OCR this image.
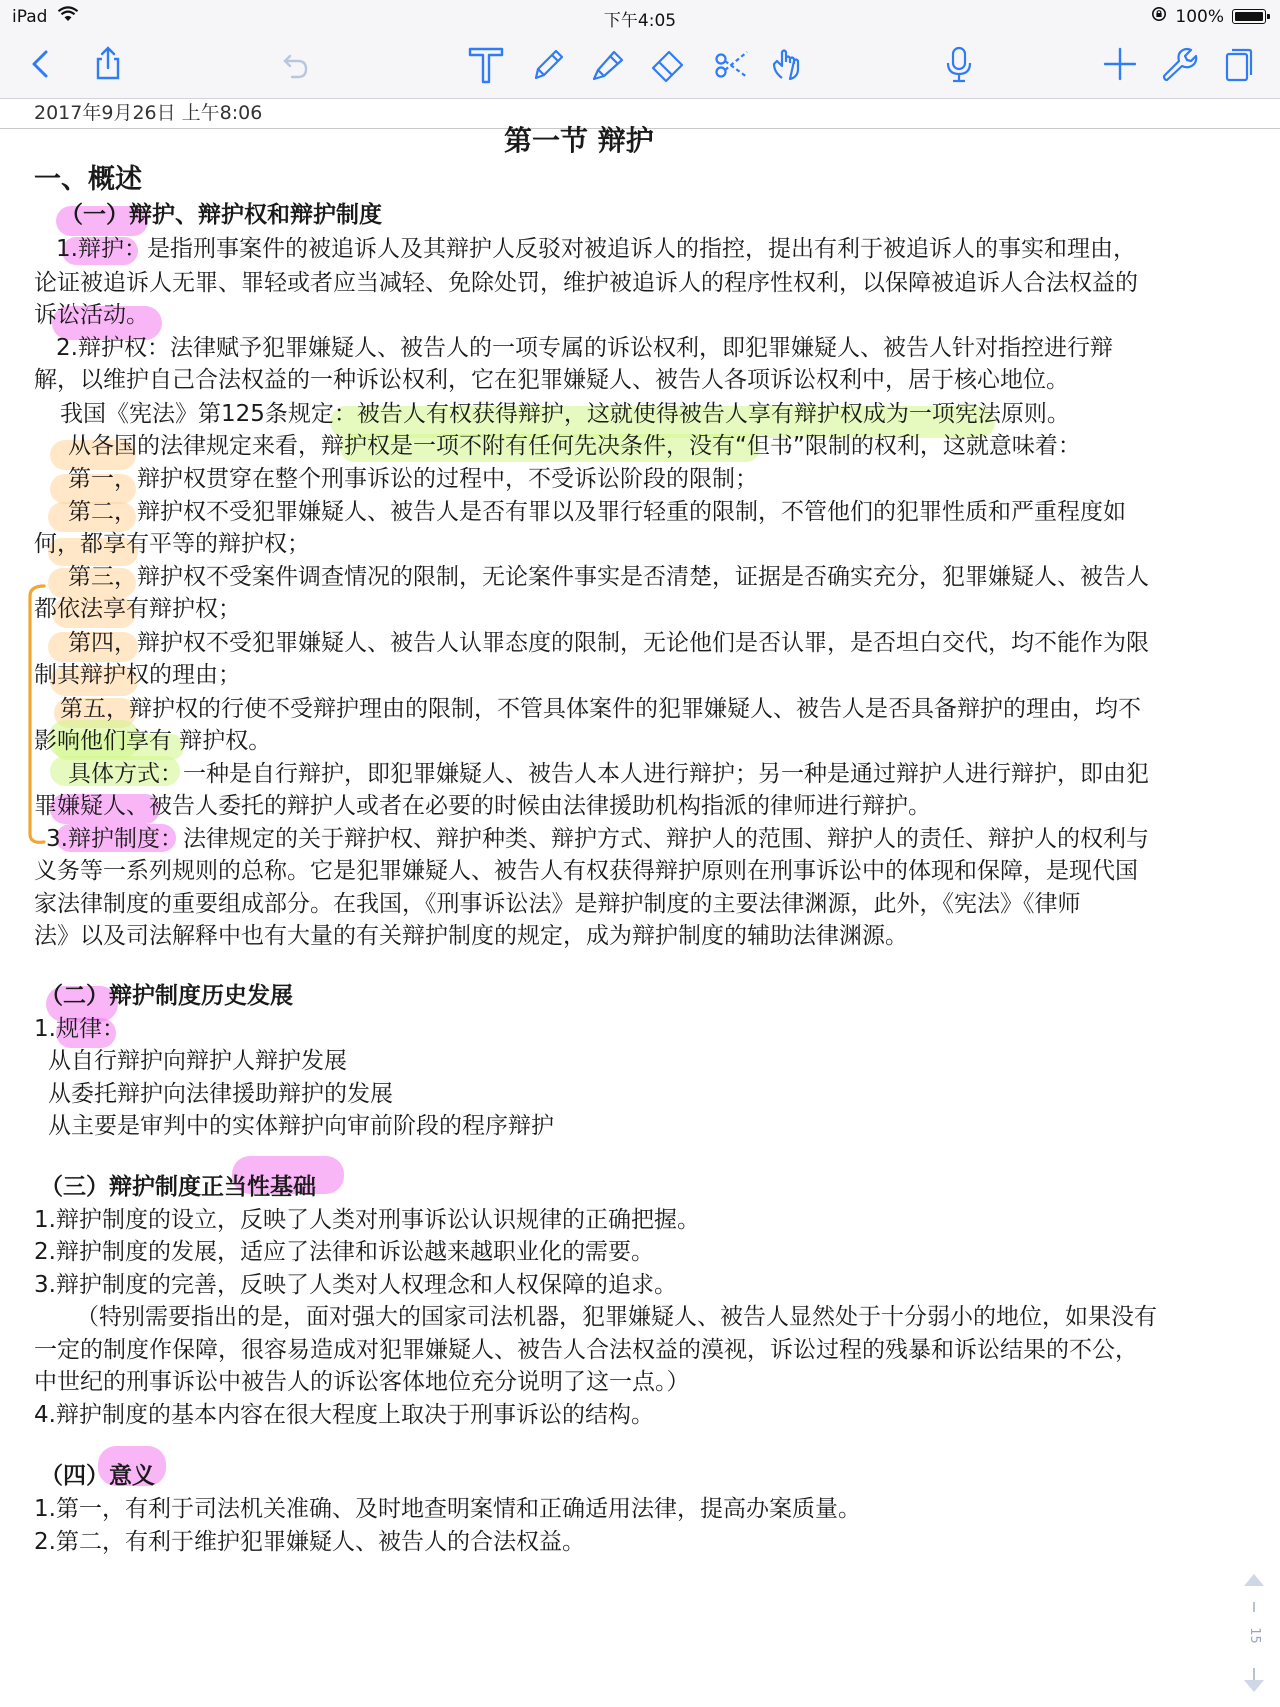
iPad	下午4:05	100%
2017年9月26日 上午8:06
第一节 辩护
一、概述
（一）辩护、辩护权和辩护制度
1.辩护：是指刑事案件的被追诉人及其辩护人反驳对被追诉人的指控，提出有利于被追诉人的事实和理由，
论证被追诉人无罪、罪轻或者应当减轻、免除处罚，维护被追诉人的程序性权利，以保障被追诉人合法权益的
诉讼活动。
2.辩护权：法律赋予犯罪嫌疑人、被告人的一项专属的诉讼权利，即犯罪嫌疑人、被告人针对指控进行辩
解，以维护自己合法权益的一种诉讼权利，它在犯罪嫌疑人、被告人各项诉讼权利中，居于核心地位。
我国《宪法》第125条规定：被告人有权获得辩护，这就使得被告人享有辩护权成为一项宪法原则。
从各国的法律规定来看，辩护权是一项不附有任何先决条件，没有“但书”限制的权利，这就意味着：
第一，辩护权贯穿在整个刑事诉讼的过程中，不受诉讼阶段的限制；
第二，辩护权不受犯罪嫌疑人、被告人是否有罪以及罪行轻重的限制，不管他们的犯罪性质和严重程度如
何，都享有平等的辩护权；
第三，辩护权不受案件调查情况的限制，无论案件事实是否清楚，证据是否确实充分，犯罪嫌疑人、被告人
都依法享有辩护权；
第四，辩护权不受犯罪嫌疑人、被告人认罪态度的限制，无论他们是否认罪，是否坦白交代，均不能作为限
制其辩护权的理由；
第五，辩护权的行使不受辩护理由的限制，不管具体案件的犯罪嫌疑人、被告人是否具备辩护的理由，均不
影响他们享有 辩护权。
具体方式：一种是自行辩护，即犯罪嫌疑人、被告人本人进行辩护；另一种是通过辩护人进行辩护，即由犯
罪嫌疑人、被告人委托的辩护人或者在必要的时候由法律援助机构指派的律师进行辩护。
3.辩护制度：法律规定的关于辩护权、辩护种类、辩护方式、辩护人的范围、辩护人的责任、辩护人的权利与
义务等一系列规则的总称。它是犯罪嫌疑人、被告人有权获得辩护原则在刑事诉讼中的体现和保障，是现代国
家法律制度的重要组成部分。在我国，《刑事诉讼法》是辩护制度的主要法律渊源，此外，《宪法》《律师
法》以及司法解释中也有大量的有关辩护制度的规定，成为辩护制度的辅助法律渊源。
（二）辩护制度历史发展
1.规律：
从自行辩护向辩护人辩护发展
从委托辩护向法律援助辩护的发展
从主要是审判中的实体辩护向审前阶段的程序辩护
（三）辩护制度正当性基础
1.辩护制度的设立，反映了人类对刑事诉讼认识规律的正确把握。
2.辩护制度的发展，适应了法律和诉讼越来越职业化的需要。
3.辩护制度的完善，反映了人类对人权理念和人权保障的追求。
（特别需要指出的是，面对强大的国家司法机器，犯罪嫌疑人、被告人显然处于十分弱小的地位，如果没有
一定的制度作保障，很容易造成对犯罪嫌疑人、被告人合法权益的漠视，诉讼过程的残暴和诉讼结果的不公，
中世纪的刑事诉讼中被告人的诉讼客体地位充分说明了这一点。）
4.辩护制度的基本内容在很大程度上取决于刑事诉讼的结构。
（四）意义
1.第一，有利于司法机关准确、及时地查明案情和正确适用法律，提高办案质量。
2.第二，有利于维护犯罪嫌疑人、被告人的合法权益。
15
